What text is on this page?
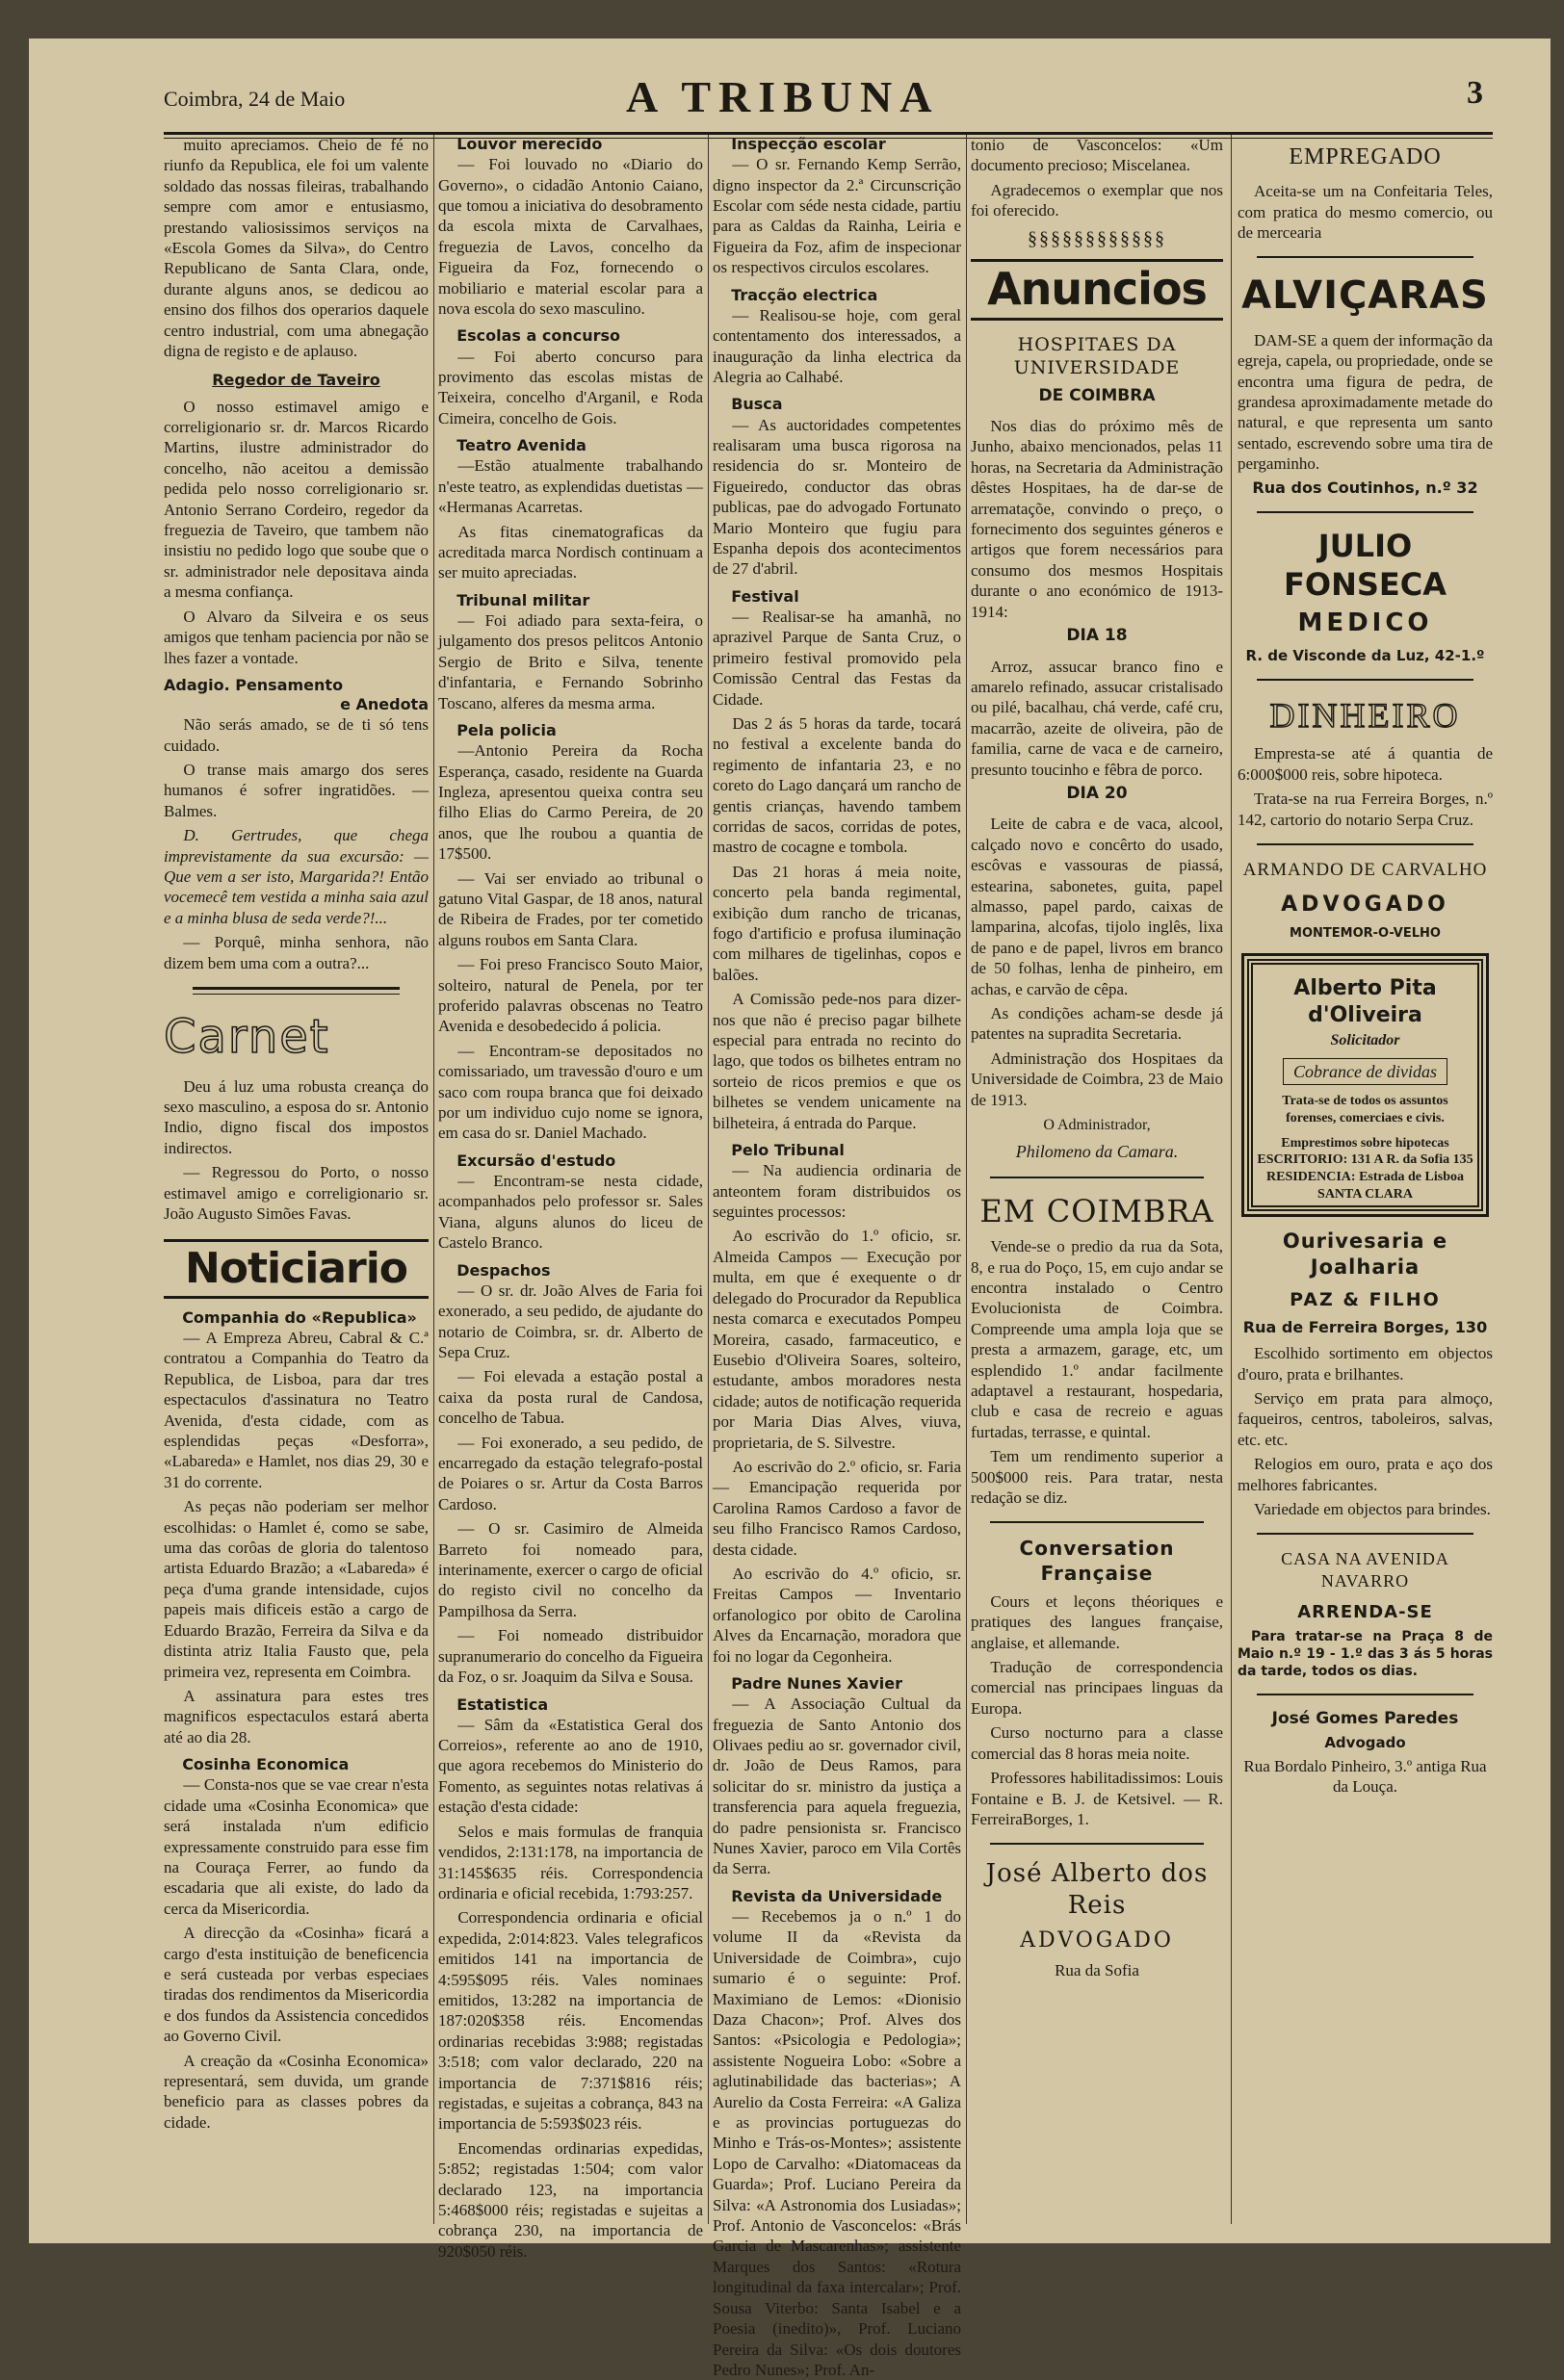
Coimbra, 24 de Maio	A TRIBUNA	3

muito apreciamos. Cheio de fé no riunfo da Republica, ele foi um valente soldado das nossas fileiras, trabalhando sempre com amor e entusiasmo, prestando valiosissimos serviços na «Escola Gomes da Silva», do Centro Republicano de Santa Clara, onde, durante alguns anos, se dedicou ao ensino dos filhos dos operarios daquele centro industrial, com uma abnegação digna de registo e de aplauso.

Regedor de Taveiro

O nosso estimavel amigo e correligionario sr. dr. Marcos Ricardo Martins, ilustre administrador do concelho, não aceitou a demissão pedida pelo nosso correligionario sr. Antonio Serrano Cordeiro, regedor da freguezia de Taveiro, que tambem não insistiu no pedido logo que soube que o sr. administrador nele depositava ainda a mesma confiança.

O Alvaro da Silveira e os seus amigos que tenham paciencia por não se lhes fazer a vontade.

Adagio. Pensamento
e Anedota

Não serás amado, se de ti só tens cuidado.

O transe mais amargo dos seres humanos é sofrer ingratidões. — Balmes.

D. Gertrudes, que chega imprevistamente da sua excursão: — Que vem a ser isto, Margarida?! Então vocemecê tem vestida a minha saia azul e a minha blusa de seda verde?!...

— Porquê, minha senhora, não dizem bem uma com a outra?...

Carnet

Deu á luz uma robusta creança do sexo masculino, a esposa do sr. Antonio Indio, digno fiscal dos impostos indirectos.

— Regressou do Porto, o nosso estimavel amigo e correligionario sr. João Augusto Simões Favas.

Noticiario
Companhia do «Republica»

— A Empreza Abreu, Cabral & C.ª contratou a Companhia do Teatro da Republica, de Lisboa, para dar tres espectaculos d'assinatura no Teatro Avenida, d'esta cidade, com as esplendidas peças «Desforra», «Labareda» e Hamlet, nos dias 29, 30 e 31 do corrente.

As peças não poderiam ser melhor escolhidas: o Hamlet é, como se sabe, uma das corôas de gloria do talentoso artista Eduardo Brazão; a «Labareda» é peça d'uma grande intensidade, cujos papeis mais dificeis estão a cargo de Eduardo Brazão, Ferreira da Silva e da distinta atriz Italia Fausto que, pela primeira vez, representa em Coimbra.

A assinatura para estes tres magnificos espectaculos estará aberta até ao dia 28.

Cosinha Economica

— Consta-nos que se vae crear n'esta cidade uma «Cosinha Economica» que será instalada n'um edificio expressamente construido para esse fim na Couraça Ferrer, ao fundo da escadaria que ali existe, do lado da cerca da Misericordia.

A direcção da «Cosinha» ficará a cargo d'esta instituição de beneficencia e será custeada por verbas especiaes tiradas dos rendimentos da Misericordia e dos fundos da Assistencia concedidos ao Governo Civil.

A creação da «Cosinha Economica» representará, sem duvida, um grande beneficio para as classes pobres da cidade.

Louvor merecido

— Foi louvado no «Diario do Governo», o cidadão Antonio Caiano, que tomou a iniciativa do desobramento da escola mixta de Carvalhaes, freguezia de Lavos, concelho da Figueira da Foz, fornecendo o mobiliario e material escolar para a nova escola do sexo masculino.

Escolas a concurso

— Foi aberto concurso para provimento das escolas mistas de Teixeira, concelho d'Arganil, e Roda Cimeira, concelho de Gois.

Teatro Avenida

—Estão atualmente trabalhando n'este teatro, as explendidas duetistas — «Hermanas Acarretas.

As fitas cinematograficas da acreditada marca Nordisch continuam a ser muito apreciadas.

Tribunal militar

— Foi adiado para sexta-feira, o julgamento dos presos pelitcos Antonio Sergio de Brito e Silva, tenente d'infantaria, e Fernando Sobrinho Toscano, alferes da mesma arma.

Pela policia

—Antonio Pereira da Rocha Esperança, casado, residente na Guarda Ingleza, apresentou queixa contra seu filho Elias do Carmo Pereira, de 20 anos, que lhe roubou a quantia de 17$500.

— Vai ser enviado ao tribunal o gatuno Vital Gaspar, de 18 anos, natural de Ribeira de Frades, por ter cometido alguns roubos em Santa Clara.

— Foi preso Francisco Souto Maior, solteiro, natural de Penela, por ter proferido palavras obscenas no Teatro Avenida e desobedecido á policia.

— Encontram-se depositados no comissariado, um travessão d'ouro e um saco com roupa branca que foi deixado por um individuo cujo nome se ignora, em casa do sr. Daniel Machado.

Excursão d'estudo

— Encontram-se nesta cidade, acompanhados pelo professor sr. Sales Viana, alguns alunos do liceu de Castelo Branco.

Despachos

— O sr. dr. João Alves de Faria foi exonerado, a seu pedido, de ajudante do notario de Coimbra, sr. dr. Alberto de Sepa Cruz.

— Foi elevada a estação postal a caixa da posta rural de Candosa, concelho de Tabua.

— Foi exonerado, a seu pedido, de encarregado da estação telegrafo-postal de Poiares o sr. Artur da Costa Barros Cardoso.

— O sr. Casimiro de Almeida Barreto foi nomeado para, interinamente, exercer o cargo de oficial do registo civil no concelho da Pampilhosa da Serra.

— Foi nomeado distribuidor supranumerario do concelho da Figueira da Foz, o sr. Joaquim da Silva e Sousa.

Estatistica

— Sâm da «Estatistica Geral dos Correios», referente ao ano de 1910, que agora recebemos do Ministerio do Fomento, as seguintes notas relativas á estação d'esta cidade:

Selos e mais formulas de franquia vendidos, 2:131:178, na importancia de 31:145$635 réis. Correspondencia ordinaria e oficial recebida, 1:793:257.

Correspondencia ordinaria e oficial expedida, 2:014:823. Vales telegraficos emitidos 141 na importancia de 4:595$095 réis. Vales nominaes emitidos, 13:282 na importancia de 187:020$358 réis. Encomendas ordinarias recebidas 3:988; registadas 3:518; com valor declarado, 220 na importancia de 7:371$816 réis; registadas, e sujeitas a cobrança, 843 na importancia de 5:593$023 réis.

Encomendas ordinarias expedidas, 5:852; registadas 1:504; com valor declarado 123, na importancia 5:468$000 réis; registadas e sujeitas a cobrança 230, na importancia de 920$050 réis.

Inspecção escolar

— O sr. Fernando Kemp Serrão, digno inspector da 2.ª Circunscrição Escolar com séde nesta cidade, partiu para as Caldas da Rainha, Leiria e Figueira da Foz, afim de inspecionar os respectivos circulos escolares.

Tracção electrica

— Realisou-se hoje, com geral contentamento dos interessados, a inauguração da linha electrica da Alegria ao Calhabé.

Busca

— As auctoridades competentes realisaram uma busca rigorosa na residencia do sr. Monteiro de Figueiredo, conductor das obras publicas, pae do advogado Fortunato Mario Monteiro que fugiu para Espanha depois dos acontecimentos de 27 d'abril.

Festival

— Realisar-se ha amanhã, no aprazivel Parque de Santa Cruz, o primeiro festival promovido pela Comissão Central das Festas da Cidade.

Das 2 ás 5 horas da tarde, tocará no festival a excelente banda do regimento de infantaria 23, e no coreto do Lago dançará um rancho de gentis crianças, havendo tambem corridas de sacos, corridas de potes, mastro de cocagne e tombola.

Das 21 horas á meia noite, concerto pela banda regimental, exibição dum rancho de tricanas, fogo d'artificio e profusa iluminação com milhares de tigelinhas, copos e balões.

A Comissão pede-nos para dizer-nos que não é preciso pagar bilhete especial para entrada no recinto do lago, que todos os bilhetes entram no sorteio de ricos premios e que os bilhetes se vendem unicamente na bilheteira, á entrada do Parque.

Pelo Tribunal

— Na audiencia ordinaria de anteontem foram distribuidos os seguintes processos:

Ao escrivão do 1.º oficio, sr. Almeida Campos — Execução por multa, em que é exequente o dr delegado do Procurador da Republica nesta comarca e executados Pompeu Moreira, casado, farmaceutico, e Eusebio d'Oliveira Soares, solteiro, estudante, ambos moradores nesta cidade; autos de notificação requerida por Maria Dias Alves, viuva, proprietaria, de S. Silvestre.

Ao escrivão do 2.º oficio, sr. Faria — Emancipação requerida por Carolina Ramos Cardoso a favor de seu filho Francisco Ramos Cardoso, desta cidade.

Ao escrivão do 4.º oficio, sr. Freitas Campos — Inventario orfanologico por obito de Carolina Alves da Encarnação, moradora que foi no logar da Cegonheira.

Padre Nunes Xavier

— A Associação Cultual da freguezia de Santo Antonio dos Olivaes pediu ao sr. governador civil, dr. João de Deus Ramos, para solicitar do sr. ministro da justiça a transferencia para aquela freguezia, do padre pensionista sr. Francisco Nunes Xavier, paroco em Vila Cortês da Serra.

Revista da Universidade

— Recebemos ja o n.º 1 do volume II da «Revista da Universidade de Coimbra», cujo sumario é o seguinte: Prof. Maximiano de Lemos: «Dionisio Daza Chacon»; Prof. Alves dos Santos: «Psicologia e Pedologia»; assistente Nogueira Lobo: «Sobre a aglutinabilidade das bacterias»; A Aurelio da Costa Ferreira: «A Galiza e as provincias portuguezas do Minho e Trás-os-Montes»; assistente Lopo de Carvalho: «Diatomaceas da Guarda»; Prof. Luciano Pereira da Silva: «A Astronomia dos Lusiadas»; Prof. Antonio de Vasconcelos: «Brás Garcia de Mascarenhas»; assistente Marques dos Santos: «Rotura longitudinal da faxa intercalar»; Prof. Sousa Viterbo: Santa Isabel e a Poesia (inedito)», Prof. Luciano Pereira da Silva: «Os dois doutores Pedro Nunes»; Prof. An-

tonio de Vasconcelos: «Um documento precioso; Miscelanea.

Agradecemos o exemplar que nos foi oferecido.

§§§§§§§§§§§§
Anuncios
HOSPITAES DA UNIVERSIDADE
DE COIMBRA

Nos dias do próximo mês de Junho, abaixo mencionados, pelas 11 horas, na Secretaria da Administração dêstes Hospitaes, ha de dar-se de arremataçõe, convindo o preço, o fornecimento dos seguintes géneros e artigos que forem necessários para consumo dos mesmos Hospitais durante o ano económico de 1913-1914:

DIA 18

Arroz, assucar branco fino e amarelo refinado, assucar cristalisado ou pilé, bacalhau, chá verde, café cru, macarrão, azeite de oliveira, pão de familia, carne de vaca e de carneiro, presunto toucinho e fêbra de porco.

DIA 20

Leite de cabra e de vaca, alcool, calçado novo e concêrto do usado, escôvas e vassouras de piassá, estearina, sabonetes, guita, papel almasso, papel pardo, caixas de lamparina, alcofas, tijolo inglês, lixa de pano e de papel, livros em branco de 50 folhas, lenha de pinheiro, em achas, e carvão de cêpa.

As condições acham-se desde já patentes na supradita Secretaria.

Administração dos Hospitaes da Universidade de Coimbra, 23 de Maio de 1913.

O Administrador,
Philomeno da Camara.
EM COIMBRA

Vende-se o predio da rua da Sota, 8, e rua do Poço, 15, em cujo andar se encontra instalado o Centro Evolucionista de Coimbra. Compreende uma ampla loja que se presta a armazem, garage, etc, um esplendido 1.º andar facilmente adaptavel a restaurant, hospedaria, club e casa de recreio e aguas furtadas, terrasse, e quintal.

Tem um rendimento superior a 500$000 reis. Para tratar, nesta redação se diz.

Conversation Française

Cours et leçons théoriques e pratiques des langues française, anglaise, et allemande.

Tradução de correspondencia comercial nas principaes linguas da Europa.

Curso nocturno para a classe comercial das 8 horas meia noite.

Professores habilitadissimos: Louis Fontaine e B. J. de Ketsivel. — R. FerreiraBorges, 1.

José Alberto dos Reis
ADVOGADO
Rua da Sofia
EMPREGADO

Aceita-se um na Confeitaria Teles, com pratica do mesmo comercio, ou de mercearia

ALVIÇARAS

DAM-SE a quem der informação da egreja, capela, ou propriedade, onde se encontra uma figura de pedra, de grandesa aproximadamente metade do natural, e que representa um santo sentado, escrevendo sobre uma tira de pergaminho.

Rua dos Coutinhos, n.º 32
JULIO FONSECA
MEDICO
R. de Visconde da Luz, 42-1.º
DINHEIRO

Empresta-se até á quantia de 6:000$000 reis, sobre hipoteca.

Trata-se na rua Ferreira Borges, n.º 142, cartorio do notario Serpa Cruz.

ARMANDO DE CARVALHO
ADVOGADO
MONTEMOR-O-VELHO
Alberto Pita d'Oliveira
Solicitador
Cobrance de dividas
Trata-se de todos os assuntos forenses, comerciaes e civis.
Emprestimos sobre hipotecas
ESCRITORIO: 131 A R. da Sofia 135
RESIDENCIA: Estrada de Lisboa
SANTA CLARA
Ourivesaria e Joalharia
PAZ & FILHO
Rua de Ferreira Borges, 130

Escolhido sortimento em objectos d'ouro, prata e brilhantes.

Serviço em prata para almoço, faqueiros, centros, taboleiros, salvas, etc. etc.

Relogios em ouro, prata e aço dos melhores fabricantes.

Variedade em objectos para brindes.

CASA NA AVENIDA NAVARRO
ARRENDA-SE

Para tratar-se na Praça 8 de Maio n.º 19 - 1.º das 3 ás 5 horas da tarde, todos os dias.

José Gomes Paredes
Advogado
Rua Bordalo Pinheiro, 3.º antiga Rua da Louça.
